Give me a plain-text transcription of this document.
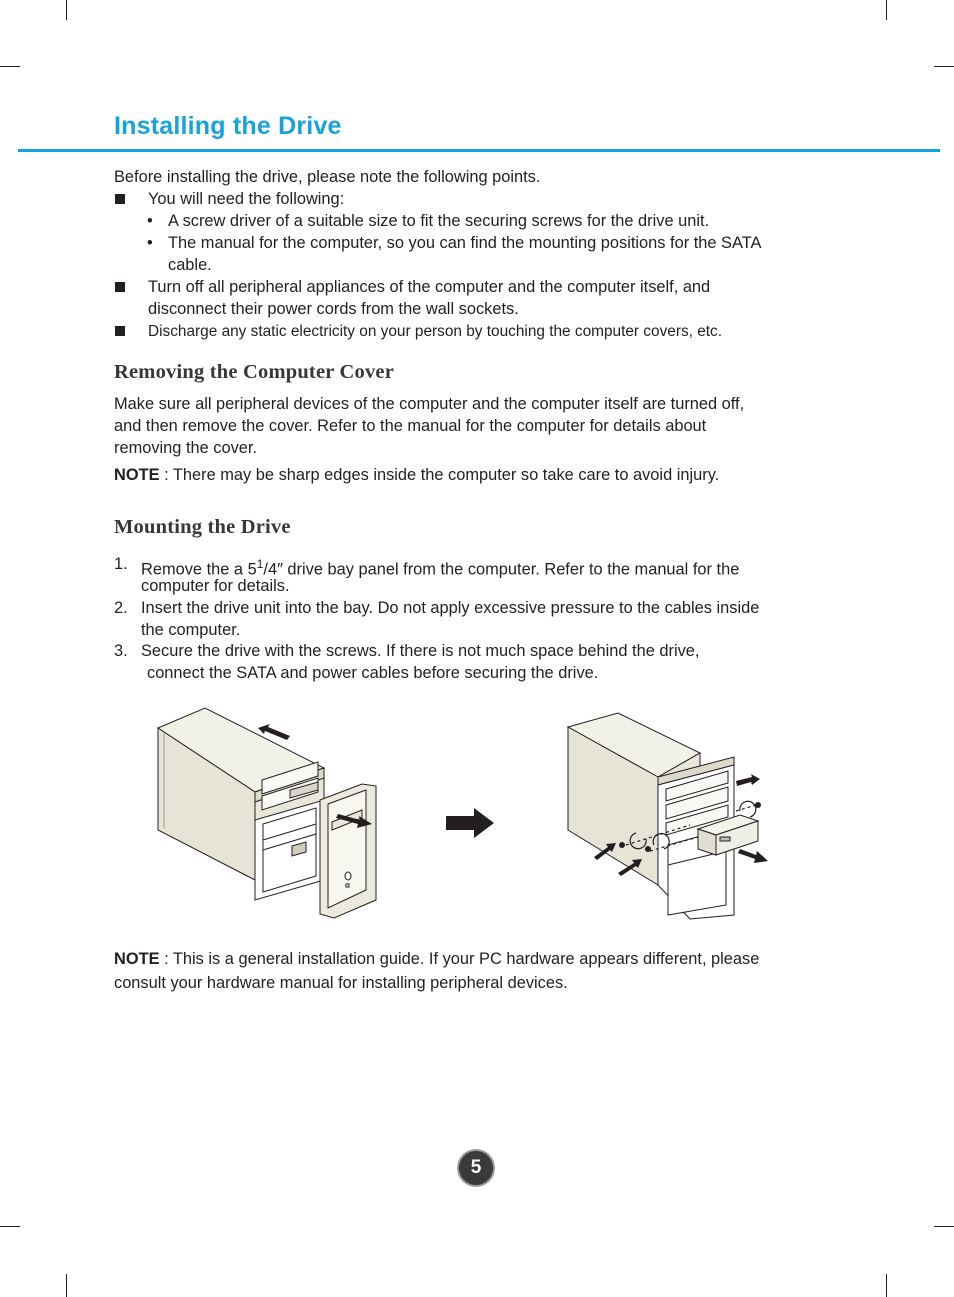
Installing the Drive
Before installing the drive, please note the following points.
You will need the following:
• A screw driver of a suitable size to fit the securing screws for the drive unit.
• The manual for the computer, so you can find the mounting positions for the SATA
cable.
Turn off all peripheral appliances of the computer and the computer itself, and
disconnect their power cords from the wall sockets.
Discharge any static electricity on your person by touching the computer covers, etc.
Removing the Computer Cover
Make sure all peripheral devices of the computer and the computer itself are turned off,
and then remove the cover. Refer to the manual for the computer for details about
removing the cover.
NOTE : There may be sharp edges inside the computer so take care to avoid injury.
Mounting the Drive
1. Remove the a $5^1/4''$ drive bay panel from the computer. Refer to the manual for the
computer for details.
2. Insert the drive unit into the bay. Do not apply excessive pressure to the cables inside
the computer.
3. Secure the drive with the screws. If there is not much space behind the drive,
connect the SATA and power cables before securing the drive.
NOTE : This is a general installation guide. If your PC hardware appears different, please
consult your hardware manual for installing peripheral devices.
5
